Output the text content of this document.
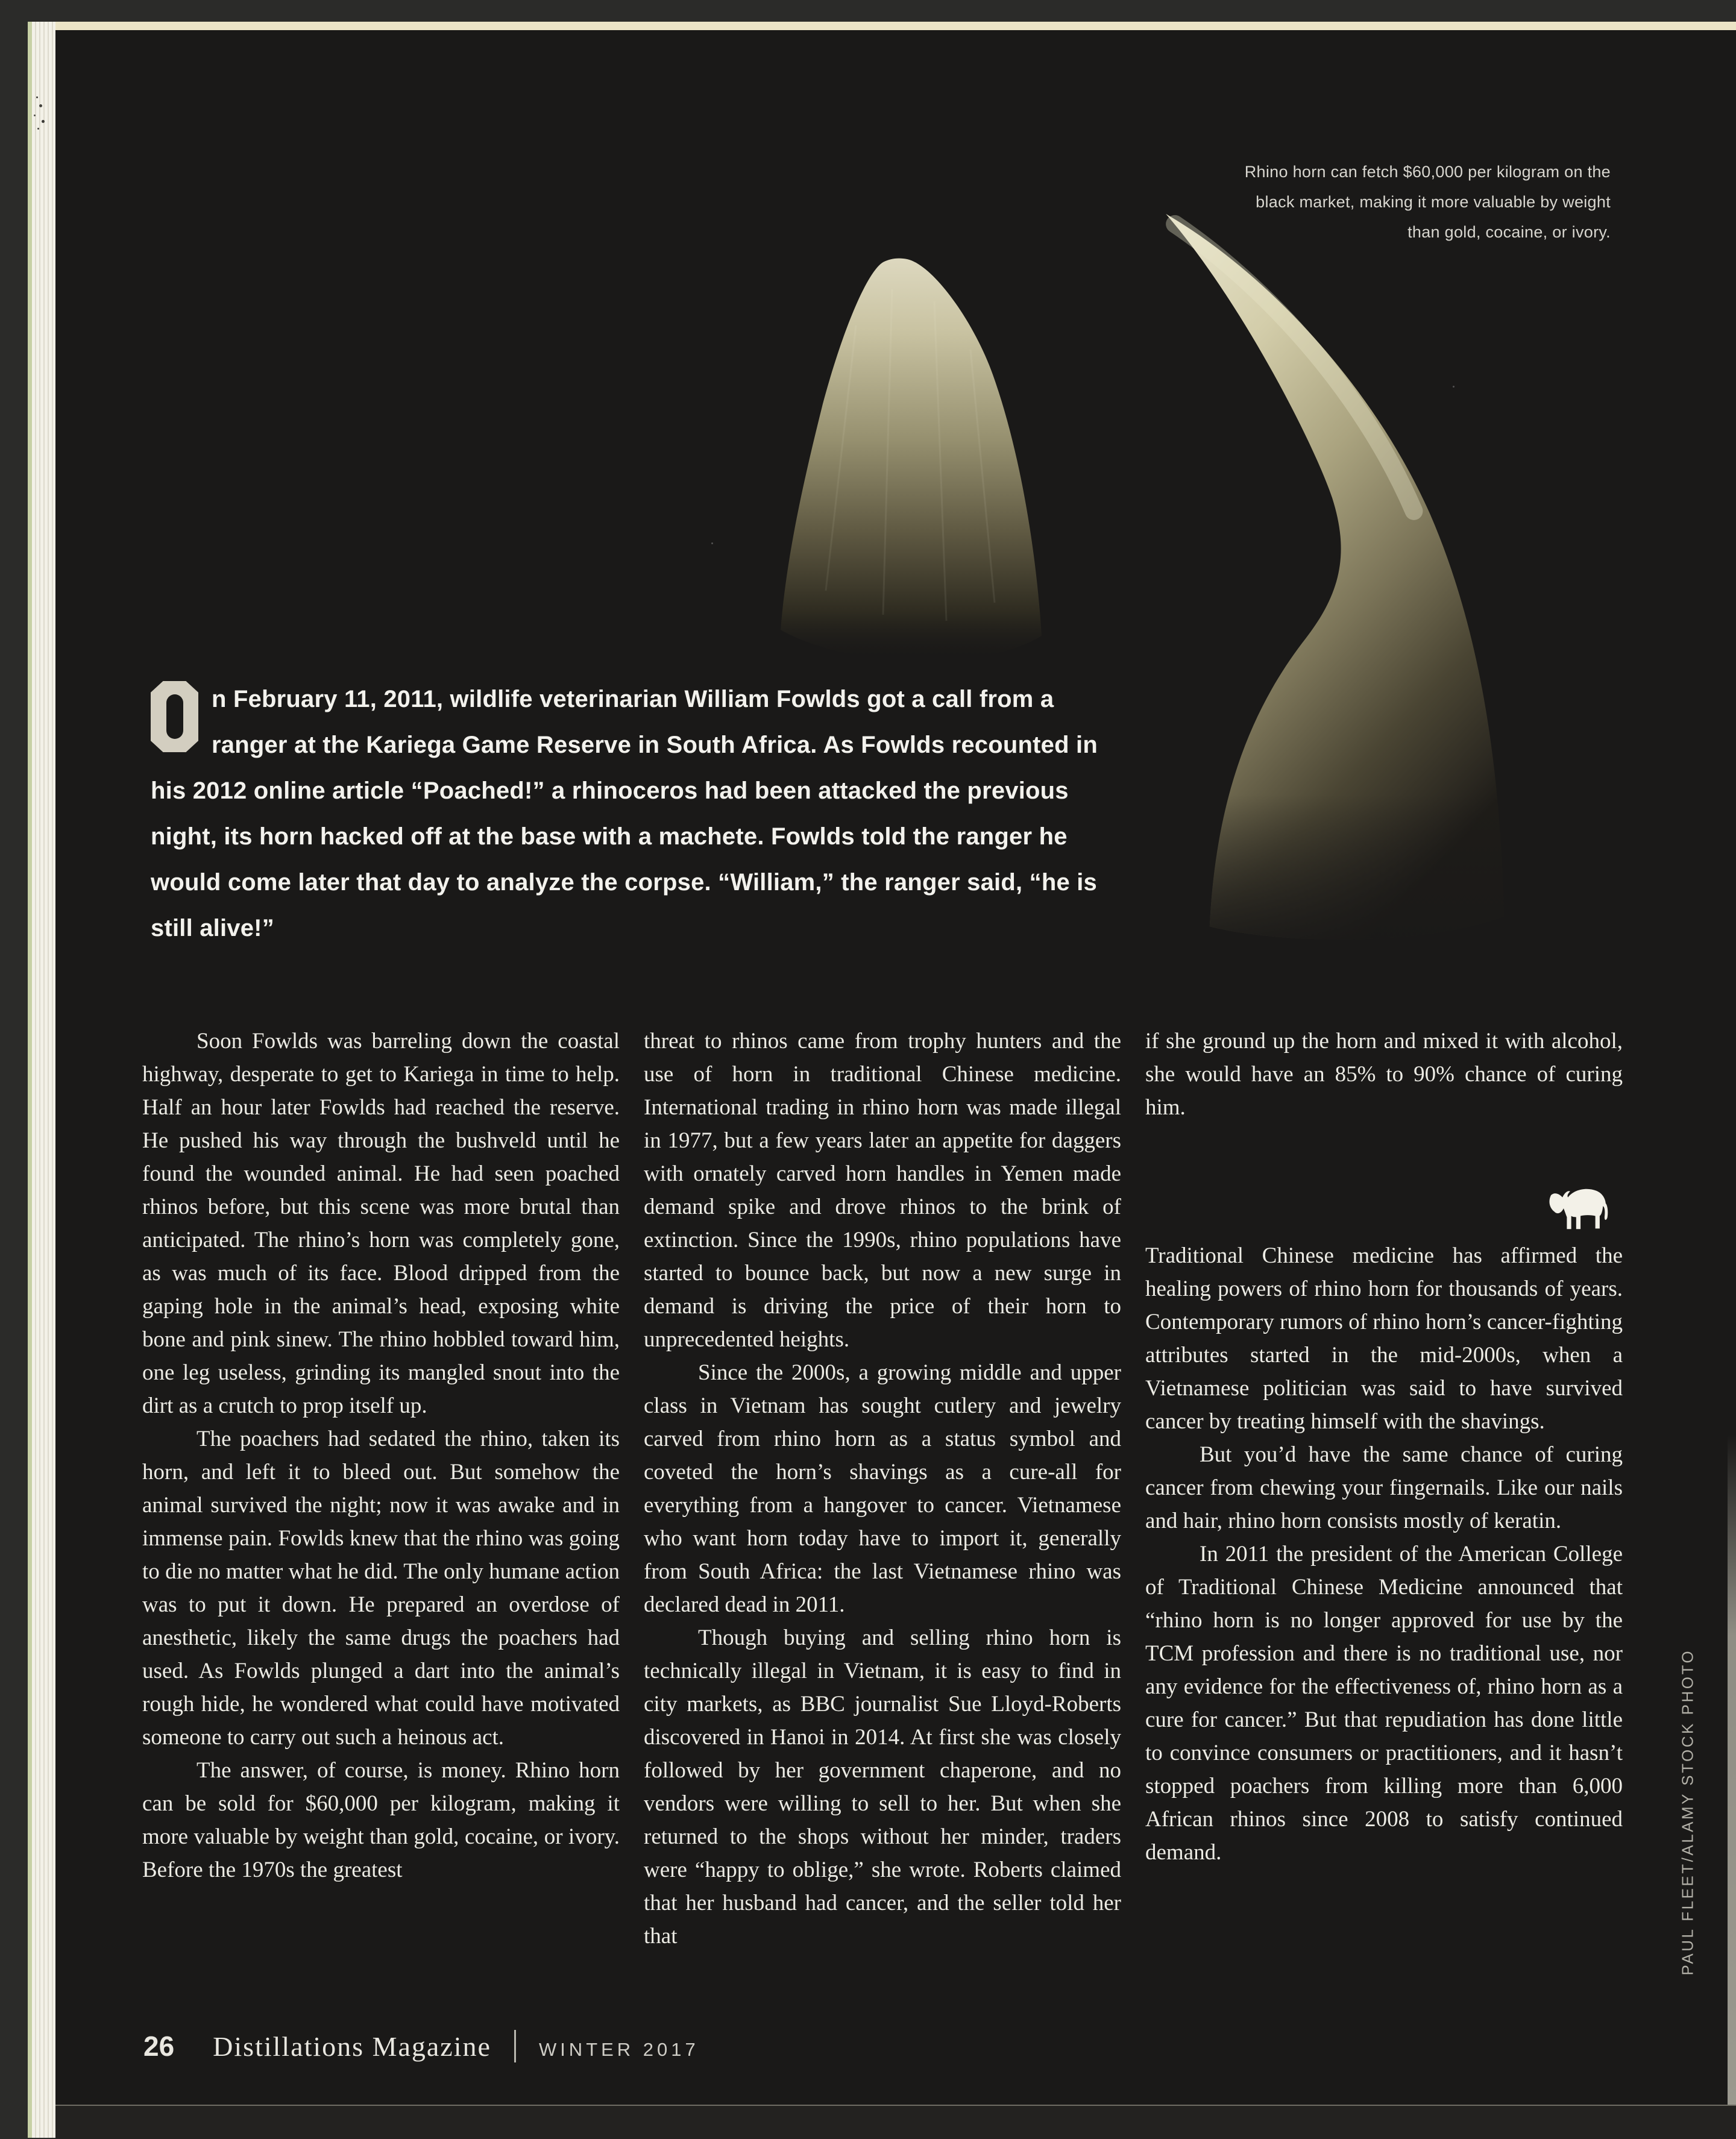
Rhino horn can fetch $60,000 per kilogram on the black market, making it more valuable by weight than gold, cocaine, or ivory.
n February 11, 2011, wildlife veterinarian William Fowlds got a call from a ranger at the Kariega Game Reserve in South Africa. As Fowlds recounted in his 2012 online article “Poached!” a rhinoceros had been attacked the previous night, its horn hacked off at the base with a machete. Fowlds told the ranger he would come later that day to analyze the corpse. “William,” the ranger said, “he is still alive!”

Soon Fowlds was barreling down the coastal highway, desperate to get to Kariega in time to help. Half an hour later Fowlds had reached the reserve. He pushed his way through the bushveld until he found the wounded animal. He had seen poached rhinos before, but this scene was more brutal than anticipated. The rhino’s horn was completely gone, as was much of its face. Blood dripped from the gaping hole in the animal’s head, exposing white bone and pink sinew. The rhino hobbled toward him, one leg useless, grinding its mangled snout into the dirt as a crutch to prop itself up.

The poachers had sedated the rhino, taken its horn, and left it to bleed out. But somehow the animal survived the night; now it was awake and in immense pain. Fowlds knew that the rhino was going to die no matter what he did. The only humane action was to put it down. He prepared an overdose of anesthetic, likely the same drugs the poachers had used. As Fowlds plunged a dart into the animal’s rough hide, he wondered what could have motivated someone to carry out such a heinous act.

The answer, of course, is money. Rhino horn can be sold for $60,000 per kilogram, making it more valuable by weight than gold, cocaine, or ivory. Before the 1970s the greatest

threat to rhinos came from trophy hunters and the use of horn in traditional Chinese medicine. International trading in rhino horn was made illegal in 1977, but a few years later an appetite for daggers with ornately carved horn handles in Yemen made demand spike and drove rhinos to the brink of extinction. Since the 1990s, rhino populations have started to bounce back, but now a new surge in demand is driving the price of their horn to unprecedented heights.

Since the 2000s, a growing middle and upper class in Vietnam has sought cutlery and jewelry carved from rhino horn as a status symbol and coveted the horn’s shavings as a cure-all for everything from a hangover to cancer. Vietnamese who want horn today have to import it, generally from South Africa: the last Vietnamese rhino was declared dead in 2011.

Though buying and selling rhino horn is technically illegal in Vietnam, it is easy to find in city markets, as BBC journalist Sue Lloyd-Roberts discovered in Hanoi in 2014. At first she was closely followed by her government chaperone, and no vendors were willing to sell to her. But when she returned to the shops without her minder, traders were “happy to oblige,” she wrote. Roberts claimed that her husband had cancer, and the seller told her that

if she ground up the horn and mixed it with alcohol, she would have an 85% to 90% chance of curing him.

Traditional Chinese medicine has affirmed the healing powers of rhino horn for thousands of years. Contemporary rumors of rhino horn’s cancer-fighting attributes started in the mid-2000s, when a Vietnamese politician was said to have survived cancer by treating himself with the shavings.

But you’d have the same chance of curing cancer from chewing your fingernails. Like our nails and hair, rhino horn consists mostly of keratin.

In 2011 the president of the American College of Traditional Chinese Medicine announced that “rhino horn is no longer approved for use by the TCM profession and there is no traditional use, nor any evidence for the effectiveness of, rhino horn as a cure for cancer.” But that repudiation has done little to convince consumers or practitioners, and it hasn’t stopped poachers from killing more than 6,000 African rhinos since 2008 to satisfy continued demand.

26 Distillations Magazine	WINTER 2017
PAUL FLEET/ALAMY STOCK PHOTO
